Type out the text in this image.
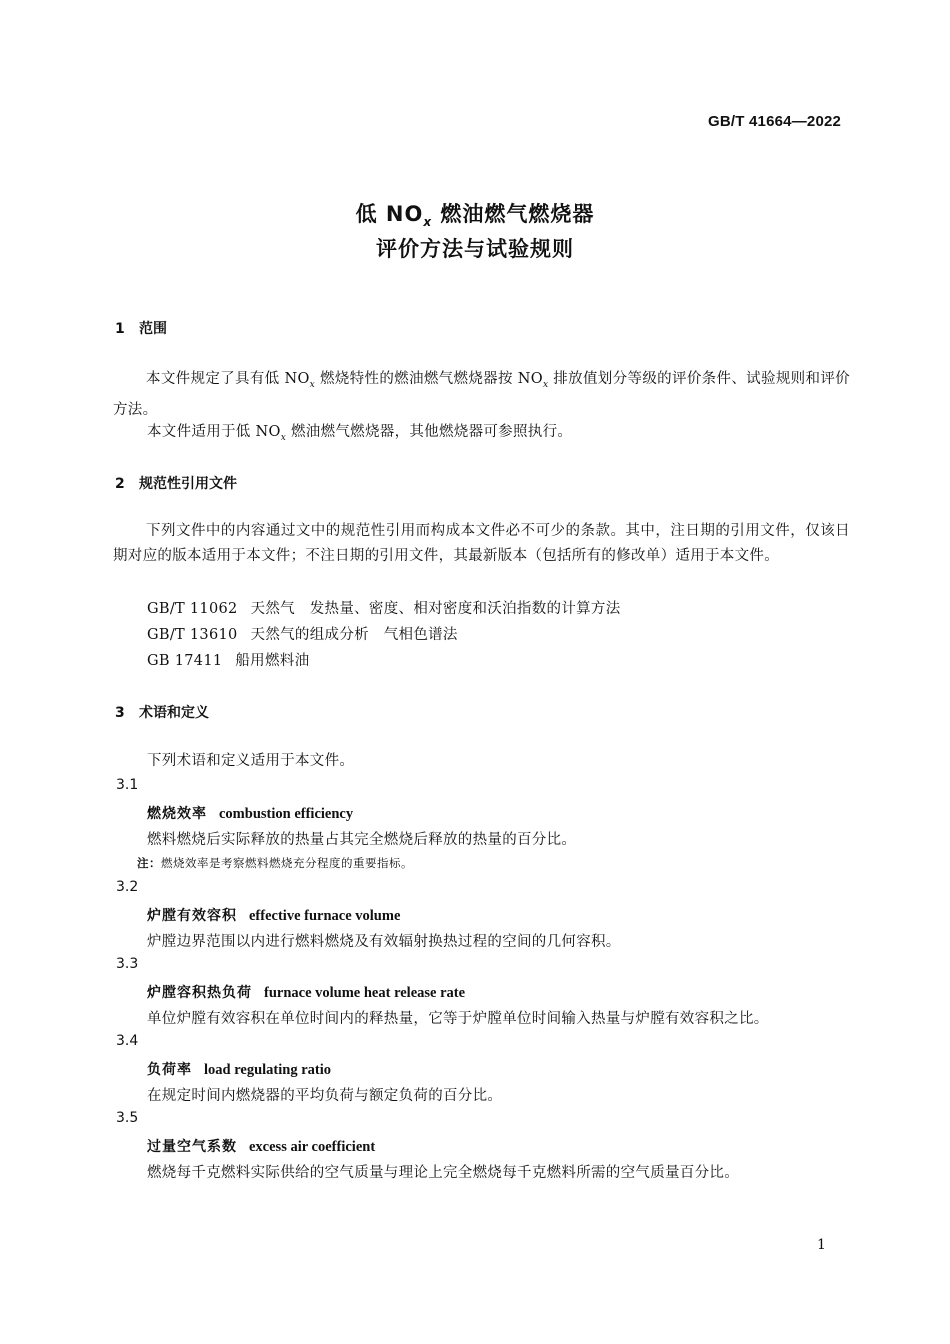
GB/T 41664—2022
低 $NO_x$ 燃油燃气燃烧器
评价方法与试验规则
1 范围
本文件规定了具有低 $NO_x$ 燃烧特性的燃油燃气燃烧器按 $NO_x$ 排放值划分等级的评价条件、试验规则和评价方法。
本文件适用于低 $NO_x$ 燃油燃气燃烧器，其他燃烧器可参照执行。
2 规范性引用文件
下列文件中的内容通过文中的规范性引用而构成本文件必不可少的条款。其中，注日期的引用文件，仅该日期对应的版本适用于本文件；不注日期的引用文件，其最新版本（包括所有的修改单）适用于本文件。
GB/T 11062 天然气　发热量、密度、相对密度和沃泊指数的计算方法
GB/T 13610 天然气的组成分析　气相色谱法
GB 17411 船用燃料油
3 术语和定义
下列术语和定义适用于本文件。
3.1
燃烧效率 combustion efficiency
燃料燃烧后实际释放的热量占其完全燃烧后释放的热量的百分比。
注：燃烧效率是考察燃料燃烧充分程度的重要指标。
3.2
炉膛有效容积 effective furnace volume
炉膛边界范围以内进行燃料燃烧及有效辐射换热过程的空间的几何容积。
3.3
炉膛容积热负荷 furnace volume heat release rate
单位炉膛有效容积在单位时间内的释热量，它等于炉膛单位时间输入热量与炉膛有效容积之比。
3.4
负荷率 load regulating ratio
在规定时间内燃烧器的平均负荷与额定负荷的百分比。
3.5
过量空气系数 excess air coefficient
燃烧每千克燃料实际供给的空气质量与理论上完全燃烧每千克燃料所需的空气质量百分比。
1
